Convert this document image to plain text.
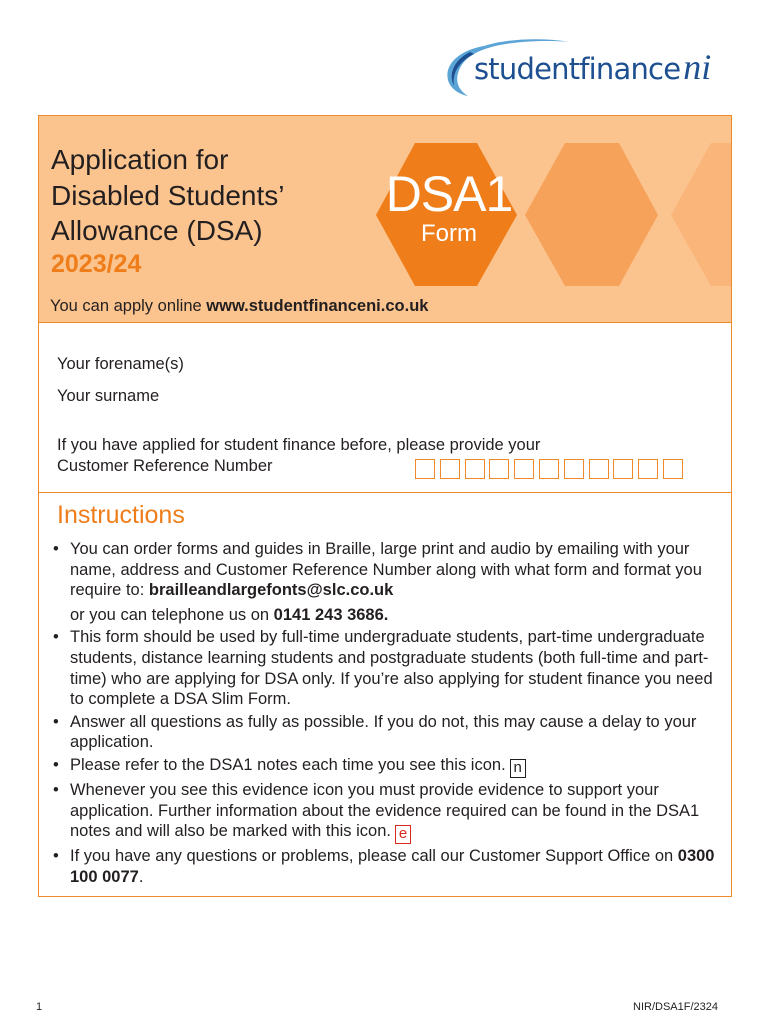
studentfinanceni
Application for
Disabled Students’
Allowance (DSA)
2023/24
DSA1
Form
You can apply online www.studentfinanceni.co.uk
Your forename(s)
Your surname
If you have applied for student finance before, please provide your
Customer Reference Number
Instructions
• You can order forms and guides in Braille, large print and audio by emailing with your name, address and Customer Reference Number along with what form and format you require to: brailleandlargefonts@slc.co.uk
or you can telephone us on 0141 243 3686.
• This form should be used by full-time undergraduate students, part-time undergraduate students, distance learning students and postgraduate students (both full-time and part-time) who are applying for DSA only. If you’re also applying for student finance you need to complete a DSA Slim Form.
• Answer all questions as fully as possible. If you do not, this may cause a delay to your application.
• Please refer to the DSA1 notes each time you see this icon. n
• Whenever you see this evidence icon you must provide evidence to support your application. Further information about the evidence required can be found in the DSA1 notes and will also be marked with this icon. e
• If you have any questions or problems, please call our Customer Support Office on 0300 100 0077.
1	NIR/DSA1F/2324
